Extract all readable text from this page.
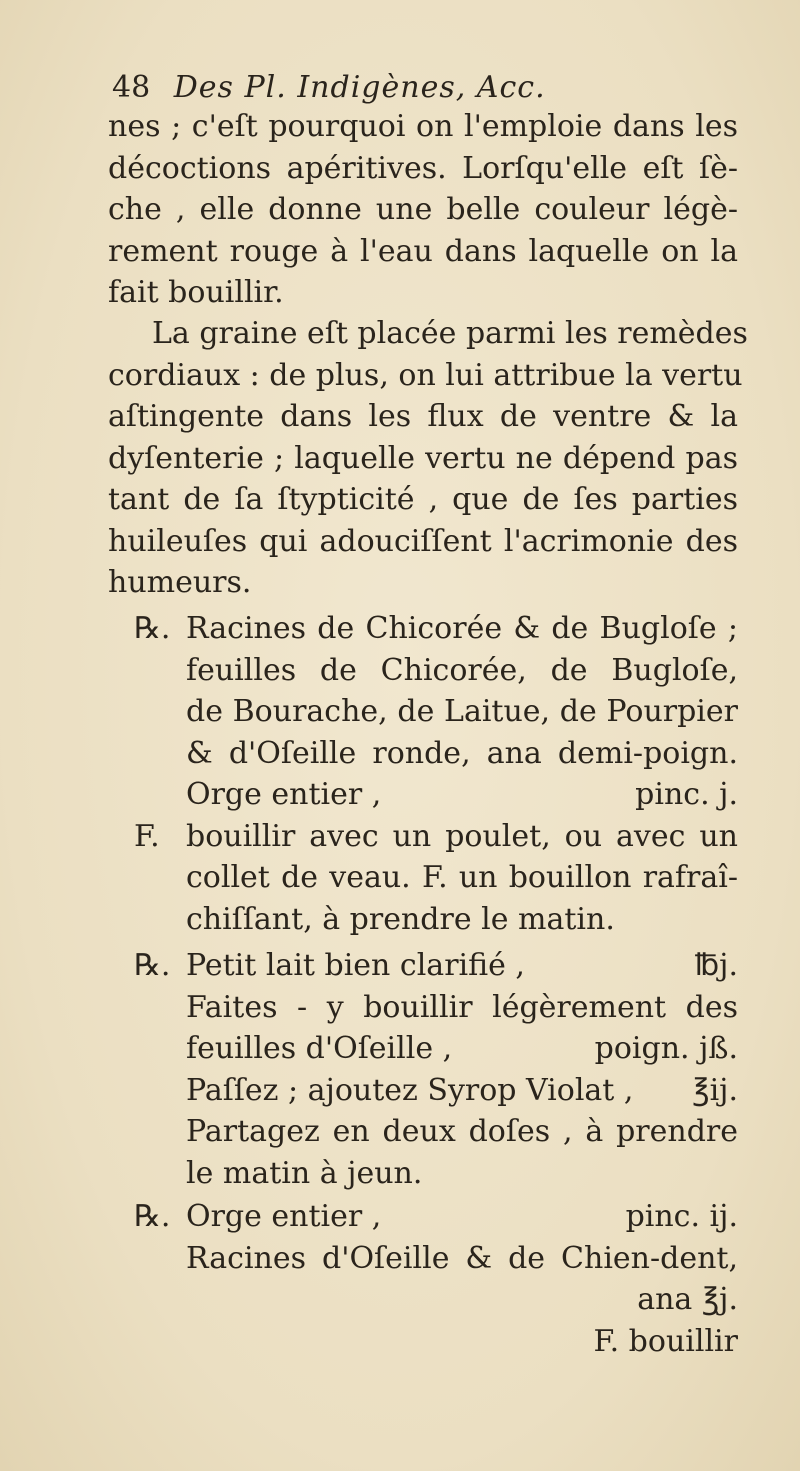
48 Des Pl. Indigènes, Acc.
nes ; c'eſt pourquoi on l'emploie dans les
décoctions apéritives. Lorſqu'elle eſt ſè-
che , elle donne une belle couleur légè-
rement rouge à l'eau dans laquelle on la
fait bouillir.
La graine eſt placée parmi les remèdes
cordiaux : de plus, on lui attribue la vertu
aſtingente dans les flux de ventre & la
dyſenterie ; laquelle vertu ne dépend pas
tant de ſa ſtypticité , que de ſes parties
huileuſes qui adouciſſent l'acrimonie des
humeurs.
℞. Racines de Chicorée & de Bugloſe ;
feuilles de Chicorée, de Bugloſe,
de Bourache, de Laitue, de Pourpier
& d'Oſeille ronde, ana demi-poign.
Orge entier ,	pinc. j.
F. bouillir avec un poulet, ou avec un
collet de veau. F. un bouillon rafraî-
chiſſant, à prendre le matin.
℞. Petit lait bien clarifié ,	℔j.
Faites - y bouillir légèrement des
feuilles d'Oſeille ,	poign. jß.
Paſſez ; ajoutez Syrop Violat , ℥ij.
Partagez en deux doſes , à prendre
le matin à jeun.
℞. Orge entier ,	pinc. ij.
Racines d'Oſeille & de Chien-dent,
ana ℥j.
F. bouillir
